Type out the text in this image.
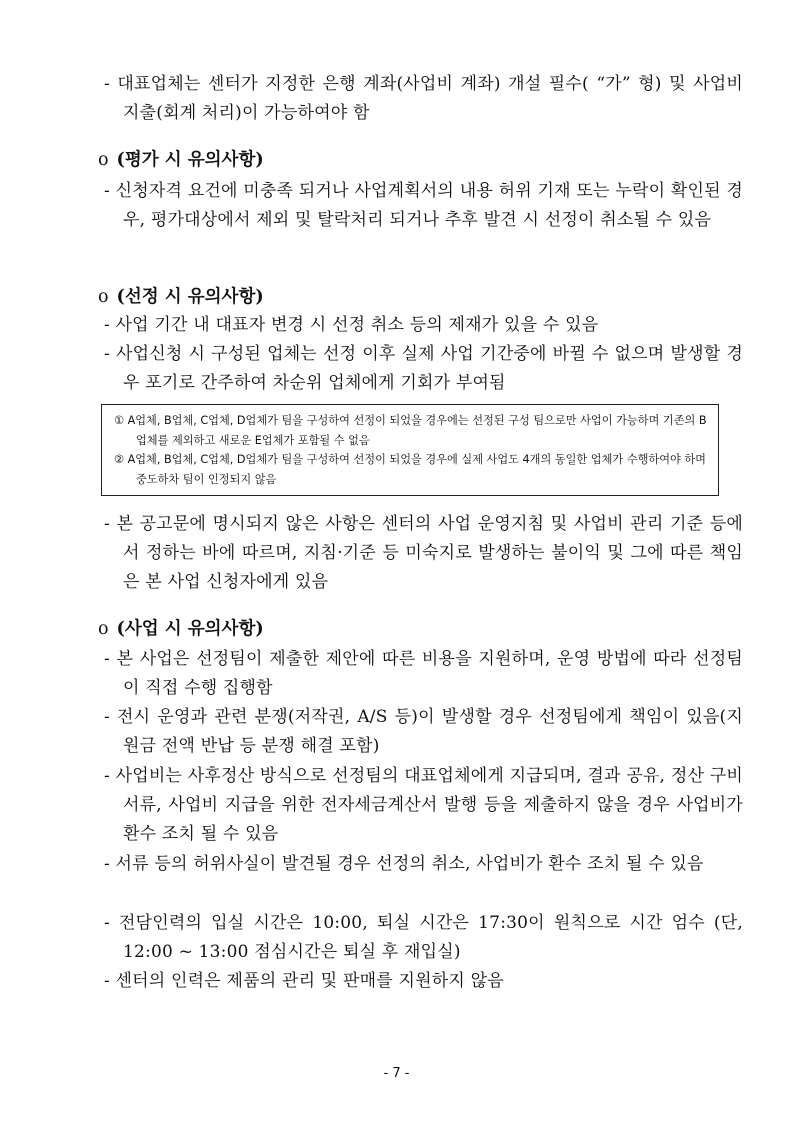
- 대표업체는 센터가 지정한 은행 계좌(사업비 계좌) 개설 필수( “가” 형) 및 사업비 지출(회계 처리)이 가능하여야 함
o (평가 시 유의사항)
- 신청자격 요건에 미충족 되거나 사업계획서의 내용 허위 기재 또는 누락이 확인된 경우, 평가대상에서 제외 및 탈락처리 되거나 추후 발견 시 선정이 취소될 수 있음
o (선정 시 유의사항)
- 사업 기간 내 대표자 변경 시 선정 취소 등의 제재가 있을 수 있음
- 사업신청 시 구성된 업체는 선정 이후 실제 사업 기간중에 바뀔 수 없으며 발생할 경우 포기로 간주하여 차순위 업체에게 기회가 부여됨
① A업체, B업체, C업체, D업체가 팀을 구성하여 선정이 되었을 경우에는 선정된 구성 팀으로만 사업이 가능하며 기존의 B업체를 제외하고 새로운 E업체가 포함될 수 없음
② A업체, B업체, C업체, D업체가 팀을 구성하여 선정이 되었을 경우에 실제 사업도 4개의 동일한 업체가 수행하여야 하며 중도하차 팀이 인정되지 않음
- 본 공고문에 명시되지 않은 사항은 센터의 사업 운영지침 및 사업비 관리 기준 등에서 정하는 바에 따르며, 지침·기준 등 미숙지로 발생하는 불이익 및 그에 따른 책임은 본 사업 신청자에게 있음
o (사업 시 유의사항)
- 본 사업은 선정팀이 제출한 제안에 따른 비용을 지원하며, 운영 방법에 따라 선정팀이 직접 수행 집행함
- 전시 운영과 관련 분쟁(저작권, A/S 등)이 발생할 경우 선정팀에게 책임이 있음(지원금 전액 반납 등 분쟁 해결 포함)
- 사업비는 사후정산 방식으로 선정팀의 대표업체에게 지급되며, 결과 공유, 정산 구비서류, 사업비 지급을 위한 전자세금계산서 발행 등을 제출하지 않을 경우 사업비가 환수 조치 될 수 있음
- 서류 등의 허위사실이 발견될 경우 선정의 취소, 사업비가 환수 조치 될 수 있음
- 전담인력의 입실 시간은 10:00, 퇴실 시간은 17:30이 원칙으로 시간 엄수 (단, 12:00 ~ 13:00 점심시간은 퇴실 후 재입실)
- 센터의 인력은 제품의 관리 및 판매를 지원하지 않음
- 7 -
